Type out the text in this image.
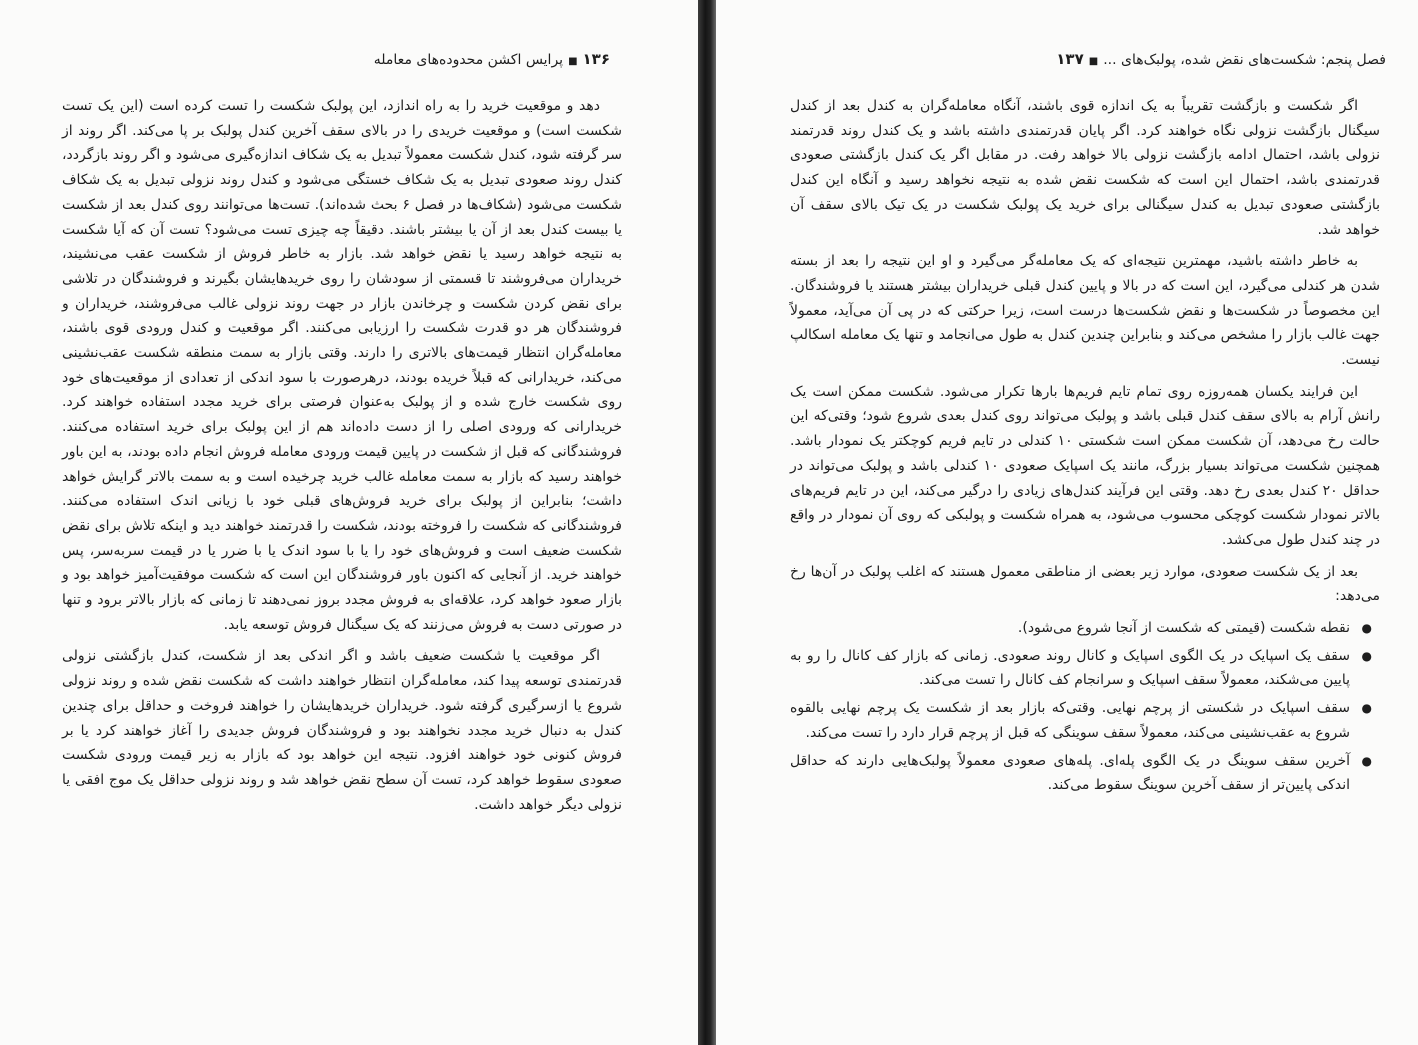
۱۳۶■پرایس اکشن محدوده‌های معامله

دهد و موقعیت خرید را به راه اندازد، این پولبک شکست را تست کرده است (این یک تست شکست است) و موقعیت خریدی را در بالای سقف آخرین کندل پولبک بر پا می‌کند. اگر روند از سر گرفته شود، کندل شکست معمولاً تبدیل به یک شکاف اندازه‌گیری می‌شود و اگر روند بازگردد، کندل روند صعودی تبدیل به یک شکاف خستگی می‌شود و کندل روند نزولی تبدیل به یک شکاف شکست می‌شود (شکاف‌ها در فصل ۶ بحث شده‌اند). تست‌ها می‌توانند روی کندل بعد از شکست یا بیست کندل بعد از آن یا بیشتر باشند. دقیقاً چه چیزی تست می‌شود؟ تست آن که آیا شکست به نتیجه خواهد رسید یا نقض خواهد شد. بازار به خاطر فروش از شکست عقب می‌نشیند، خریداران می‌فروشند تا قسمتی از سودشان را روی خریدهایشان بگیرند و فروشندگان در تلاشی برای نقض کردن شکست و چرخاندن بازار در جهت روند نزولی غالب می‌فروشند، خریداران و فروشندگان هر دو قدرت شکست را ارزیابی می‌کنند. اگر موقعیت و کندل ورودی قوی باشند، معامله‌گران انتظار قیمت‌های بالاتری را دارند. وقتی بازار به سمت منطقه شکست عقب‌نشینی می‌کند، خریدارانی که قبلاً خریده بودند، درهرصورت با سود اندکی از تعدادی از موقعیت‌های خود روی شکست خارج شده و از پولبک به‌عنوان فرصتی برای خرید مجدد استفاده خواهند کرد. خریدارانی که ورودی اصلی را از دست داده‌اند هم از این پولبک برای خرید استفاده می‌کنند. فروشندگانی که قبل از شکست در پایین قیمت ورودی معامله فروش انجام داده بودند، به این باور خواهند رسید که بازار به سمت معامله غالب خرید چرخیده است و به سمت بالاتر گرایش خواهد داشت؛ بنابراین از پولبک برای خرید فروش‌های قبلی خود با زیانی اندک استفاده می‌کنند. فروشندگانی که شکست را فروخته بودند، شکست را قدرتمند خواهند دید و اینکه تلاش برای نقض شکست ضعیف است و فروش‌های خود را یا با سود اندک یا با ضرر یا در قیمت سربه‌سر، پس خواهند خرید. از آنجایی که اکنون باور فروشندگان این است که شکست موفقیت‌آمیز خواهد بود و بازار صعود خواهد کرد، علاقه‌ای به فروش مجدد بروز نمی‌دهند تا زمانی که بازار بالاتر برود و تنها در صورتی دست به فروش می‌زنند که یک سیگنال فروش توسعه یابد.

اگر موقعیت یا شکست ضعیف باشد و اگر اندکی بعد از شکست، کندل بازگشتی نزولی قدرتمندی توسعه پیدا کند، معامله‌گران انتظار خواهند داشت که شکست نقض شده و روند نزولی شروع یا ازسرگیری گرفته شود. خریداران خریدهایشان را خواهند فروخت و حداقل برای چندین کندل به دنبال خرید مجدد نخواهند بود و فروشندگان فروش جدیدی را آغاز خواهند کرد یا بر فروش کنونی خود خواهند افزود. نتیجه این خواهد بود که بازار به زیر قیمت ورودی شکست صعودی سقوط خواهد کرد، تست آن سطح نقض خواهد شد و روند نزولی حداقل یک موج افقی یا نزولی دیگر خواهد داشت.

فصل پنجم: شکست‌های نقض شده، پولبک‌های ...■۱۳۷

اگر شکست و بازگشت تقریباً به یک اندازه قوی باشند، آنگاه معامله‌گران به کندل بعد از کندل سیگنال بازگشت نزولی نگاه خواهند کرد. اگر پایان قدرتمندی داشته باشد و یک کندل روند قدرتمند نزولی باشد، احتمال ادامه بازگشت نزولی بالا خواهد رفت. در مقابل اگر یک کندل بازگشتی صعودی قدرتمندی باشد، احتمال این است که شکست نقض شده به نتیجه نخواهد رسید و آنگاه این کندل بازگشتی صعودی تبدیل به کندل سیگنالی برای خرید یک پولبک شکست در یک تیک بالای سقف آن خواهد شد.

به خاطر داشته باشید، مهمترین نتیجه‌ای که یک معامله‌گر می‌گیرد و او این نتیجه را بعد از بسته شدن هر کندلی می‌گیرد، این است که در بالا و پایین کندل قبلی خریداران بیشتر هستند یا فروشندگان. این مخصوصاً در شکست‌ها و نقض شکست‌ها درست است، زیرا حرکتی که در پی آن می‌آید، معمولاً جهت غالب بازار را مشخص می‌کند و بنابراین چندین کندل به طول می‌انجامد و تنها یک معامله اسکالپ نیست.

این فرایند یکسان همه‌روزه روی تمام تایم فریم‌ها بارها تکرار می‌شود. شکست ممکن است یک رانش آرام به بالای سقف کندل قبلی باشد و پولبک می‌تواند روی کندل بعدی شروع شود؛ وقتی‌که این حالت رخ می‌دهد، آن شکست ممکن است شکستی ۱۰ کندلی در تایم فریم کوچکتر یک نمودار باشد. همچنین شکست می‌تواند بسیار بزرگ، مانند یک اسپایک صعودی ۱۰ کندلی باشد و پولبک می‌تواند در حداقل ۲۰ کندل بعدی رخ دهد. وقتی این فرآیند کندل‌های زیادی را درگیر می‌کند، این در تایم فریم‌های بالاتر نمودار شکست کوچکی محسوب می‌شود، به همراه شکست و پولبکی که روی آن نمودار در واقع در چند کندل طول می‌کشد.

بعد از یک شکست صعودی، موارد زیر بعضی از مناطقی معمول هستند که اغلب پولبک در آن‌ها رخ می‌دهد:

●
نقطه شکست (قیمتی که شکست از آنجا شروع می‌شود).
●
سقف یک اسپایک در یک الگوی اسپایک و کانال روند صعودی. زمانی که بازار کف کانال را رو به پایین می‌شکند، معمولاً سقف اسپایک و سرانجام کف کانال را تست می‌کند.
●
سقف اسپایک در شکستی از پرچم نهایی. وقتی‌که بازار بعد از شکست یک پرچم نهایی بالقوه شروع به عقب‌نشینی می‌کند، معمولاً سقف سوینگی که قبل از پرچم قرار دارد را تست می‌کند.
●
آخرین سقف سوینگ در یک الگوی پله‌ای. پله‌های صعودی معمولاً پولبک‌هایی دارند که حداقل اندکی پایین‌تر از سقف آخرین سوینگ سقوط می‌کند.
